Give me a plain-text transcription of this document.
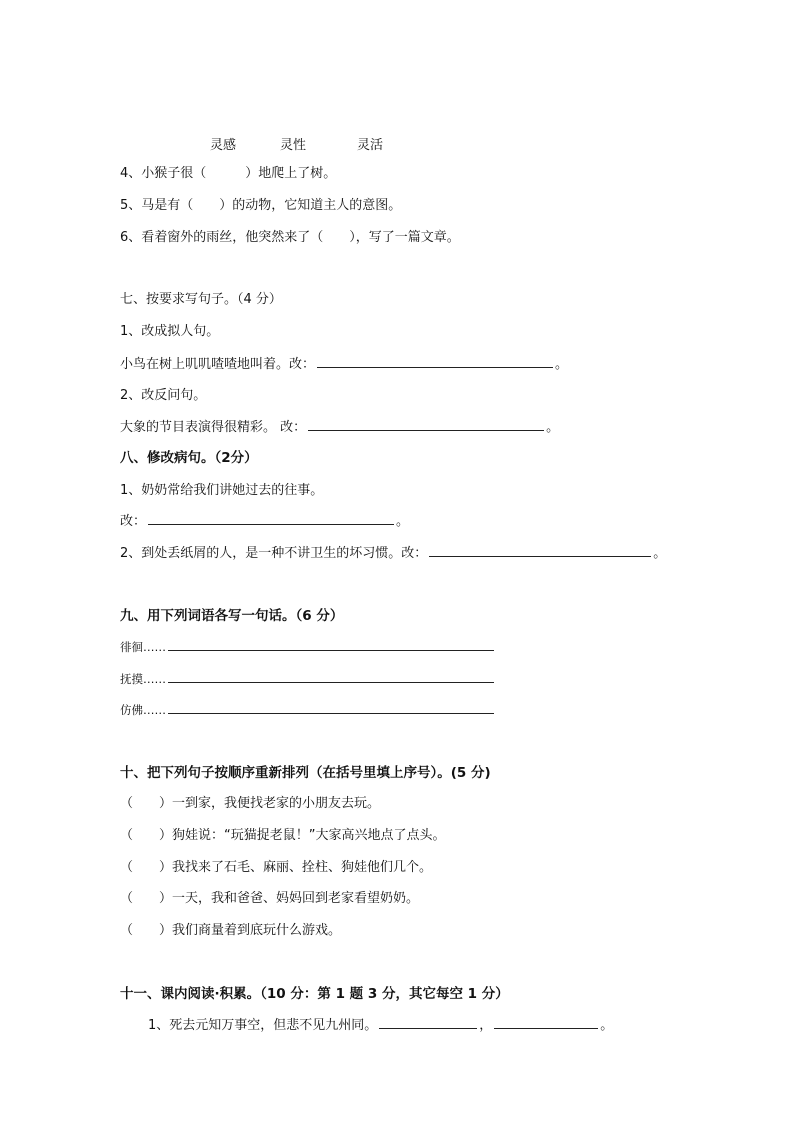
灵感	灵性	灵活
4、小猴子很（　　　）地爬上了树。
5、马是有（　　）的动物，它知道主人的意图。
6、看着窗外的雨丝，他突然来了（　　），写了一篇文章。
七、按要求写句子。（4 分）
1、改成拟人句。
小鸟在树上叽叽喳喳地叫着。改：	。
2、改反问句。
大象的节目表演得很精彩。 改：	。
八、修改病句。（2分）
1、奶奶常给我们讲她过去的往事。
改：	。
2、到处丢纸屑的人，是一种不讲卫生的坏习惯。改：	。
九、用下列词语各写一句话。（6 分）
徘徊……
抚摸……
仿佛……
十、把下列句子按顺序重新排列（在括号里填上序号）。(5 分)
（　　）一到家，我便找老家的小朋友去玩。
（　　）狗娃说：“玩猫捉老鼠！”大家高兴地点了点头。
（　　）我找来了石毛、麻丽、拴柱、狗娃他们几个。
（　　）一天，我和爸爸、妈妈回到老家看望奶奶。
（　　）我们商量着到底玩什么游戏。
十一、课内阅读·积累。（10 分：第 1 题 3 分，其它每空 1 分）
1、死去元知万事空，但悲不见九州同。	，	。
